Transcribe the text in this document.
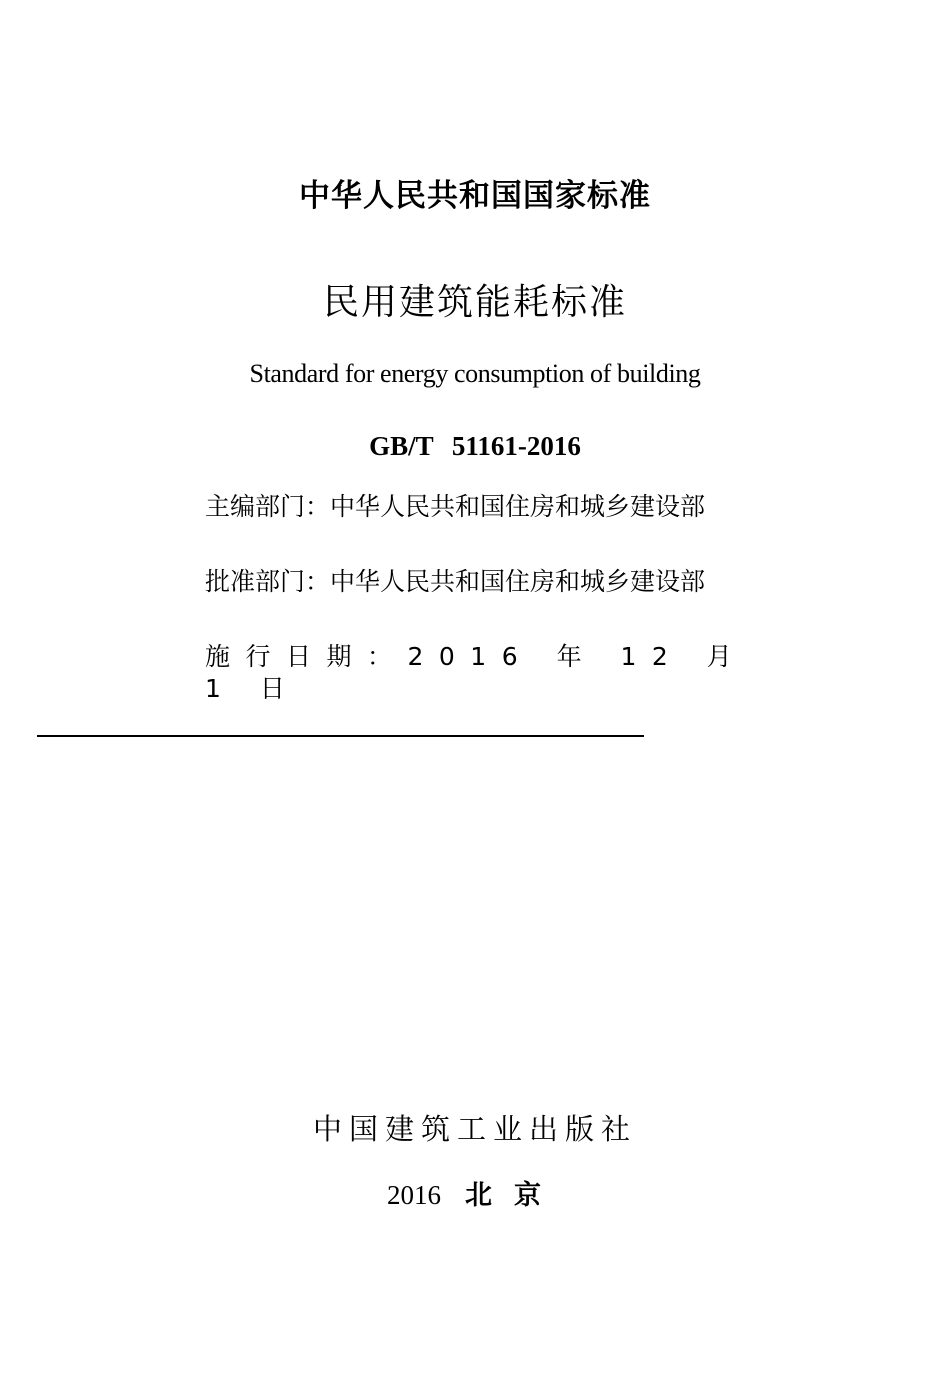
中华人民共和国国家标准
民用建筑能耗标准
Standard for energy consumption of building
GB/T 51161-2016
主编部门：中华人民共和国住房和城乡建设部
批准部门：中华人民共和国住房和城乡建设部
施行日期：2016 年 12 月 1 日
中国建筑工业出版社
2016 北京
